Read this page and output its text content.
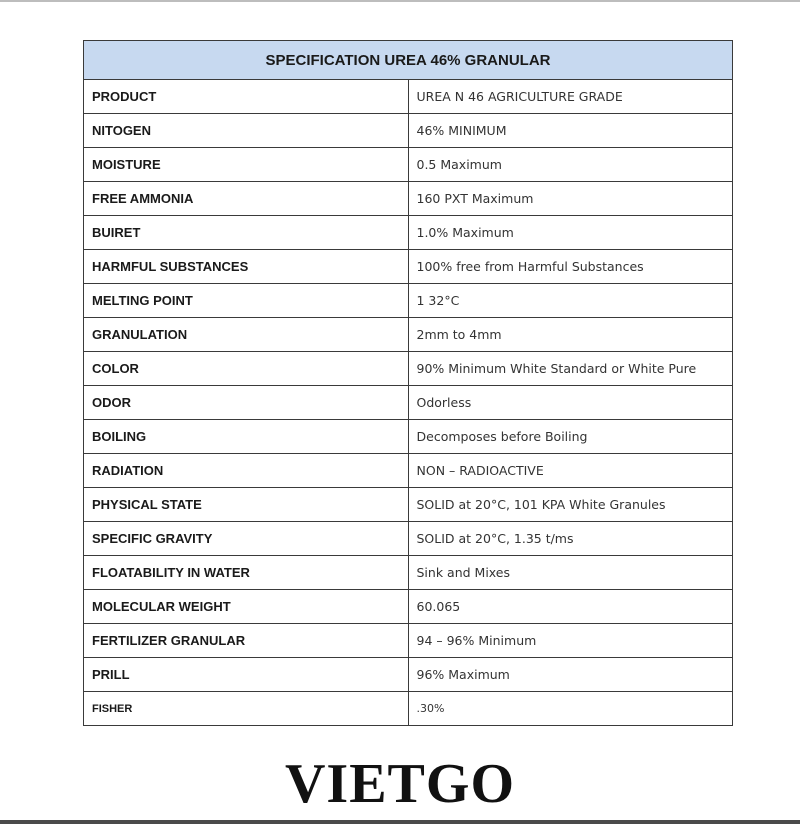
SPECIFICATION UREA 46% GRANULAR	
PRODUCT	UREA N 46 AGRICULTURE GRADE
NITOGEN	46% MINIMUM
MOISTURE	0.5 Maximum
FREE AMMONIA	160 PXT Maximum
BUIRET	1.0% Maximum
HARMFUL SUBSTANCES	100% free from Harmful Substances
MELTING POINT	1 32°C
GRANULATION	2mm to 4mm
COLOR	90% Minimum White Standard or White Pure
ODOR	Odorless
BOILING	Decomposes before Boiling
RADIATION	NON – RADIOACTIVE
PHYSICAL STATE	SOLID at 20°C, 101 KPA White Granules
SPECIFIC GRAVITY	SOLID at 20°C, 1.35 t/ms
FLOATABILITY IN WATER	Sink and Mixes
MOLECULAR WEIGHT	60.065
FERTILIZER GRANULAR	94 – 96% Minimum
PRILL	96% Maximum
FISHER	.30%
VIETGO
